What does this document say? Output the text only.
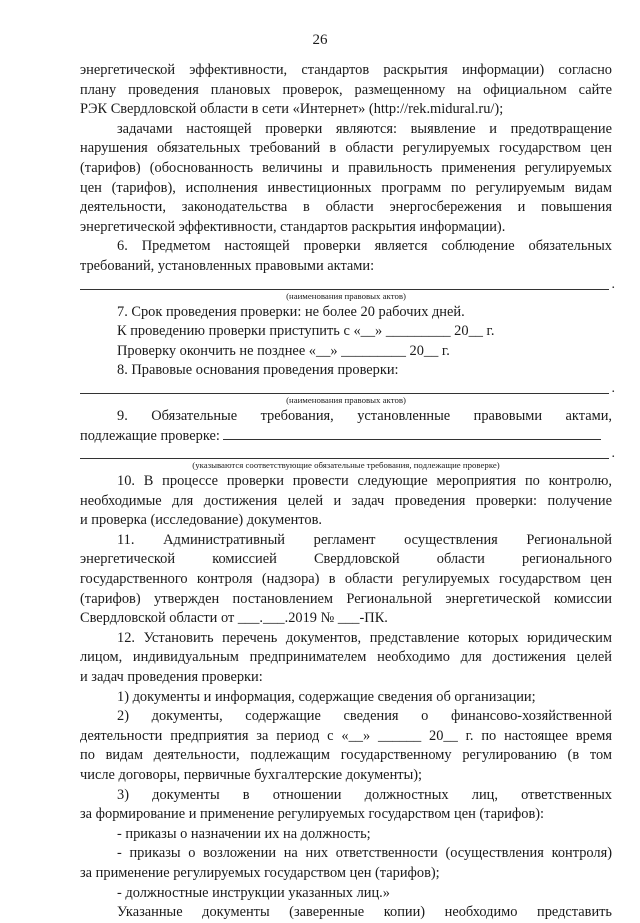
26

энергетической эффективности, стандартов раскрытия информации) согласно

плану проведения плановых проверок, размещенному на официальном сайте

РЭК Свердловской области в сети «Интернет» (http://rek.midural.ru/);

задачами настоящей проверки являются: выявление и предотвращение

нарушения обязательных требований в области регулируемых государством цен

(тарифов) (обоснованность величины и правильность применения регулируемых

цен (тарифов), исполнения инвестиционных программ по регулируемым видам

деятельности, законодательства в области энергосбережения и повышения

энергетической эффективности, стандартов раскрытия информации).

6. Предметом настоящей проверки является соблюдение обязательных

требований, установленных правовыми актами:

.

(наименования правовых актов)

7. Срок проведения проверки: не более 20 рабочих дней.

К проведению проверки приступить с «__» _________ 20__ г.

Проверку окончить не позднее «__» _________ 20__ г.

8. Правовые основания проведения проверки:

.

(наименования правовых актов)

9. Обязательные требования, установленные правовыми актами,

подлежащие проверке:

.

(указываются соответствующие обязательные требования, подлежащие проверке)

10. В процессе проверки провести следующие мероприятия по контролю,

необходимые для достижения целей и задач проведения проверки: получение

и проверка (исследование) документов.

11. Административный регламент осуществления Региональной

энергетической комиссией Свердловской области регионального

государственного контроля (надзора) в области регулируемых государством цен

(тарифов) утвержден постановлением Региональной энергетической комиссии

Свердловской области от ___.___.2019 № ___-ПК.

12. Установить перечень документов, представление которых юридическим

лицом, индивидуальным предпринимателем необходимо для достижения целей

и задач проведения проверки:

1) документы и информация, содержащие сведения об организации;

2) документы, содержащие сведения о финансово-хозяйственной

деятельности предприятия за период с «__» ______ 20__ г. по настоящее время

по видам деятельности, подлежащим государственному регулированию (в том

числе договоры, первичные бухгалтерские документы);

3) документы в отношении должностных лиц, ответственных

за формирование и применение регулируемых государством цен (тарифов):

- приказы о назначении их на должность;

- приказы о возложении на них ответственности (осуществления контроля)

за применение регулируемых государством цен (тарифов);

- должностные инструкции указанных лиц.»

Указанные документы (заверенные копии) необходимо представить
